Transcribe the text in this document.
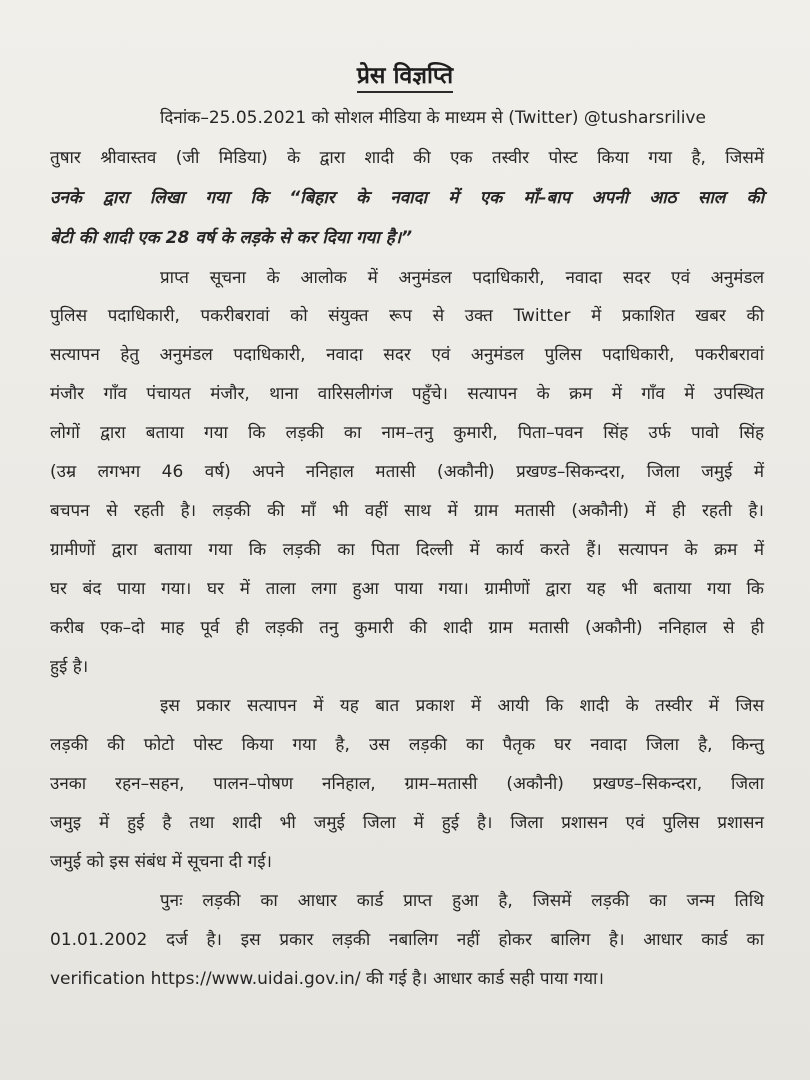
प्रेस विज्ञप्ति

दिनांक–25.05.2021 को सोशल मीडिया के माध्यम से (Twitter) @tusharsrilive

तुषार श्रीवास्तव (जी मिडिया) के द्वारा शादी की एक तस्वीर पोस्ट किया गया है, जिसमें

उनके द्वारा लिखा गया कि “बिहार के नवादा में एक माँ–बाप अपनी आठ साल की

बेटी की शादी एक 28 वर्ष के लड़के से कर दिया गया है।”

प्राप्त सूचना के आलोक में अनुमंडल पदाधिकारी, नवादा सदर एवं अनुमंडल

पुलिस पदाधिकारी, पकरीबरावां को संयुक्त रूप से उक्त Twitter में प्रकाशित खबर की

सत्यापन हेतु अनुमंडल पदाधिकारी, नवादा सदर एवं अनुमंडल पुलिस पदाधिकारी, पकरीबरावां

मंजौर गाँव पंचायत मंजौर, थाना वारिसलीगंज पहुँचे। सत्यापन के क्रम में गाँव में उपस्थित

लोगों द्वारा बताया गया कि लड़की का नाम–तनु कुमारी, पिता–पवन सिंह उर्फ पावो सिंह

(उम्र लगभग 46 वर्ष) अपने ननिहाल मतासी (अकौनी) प्रखण्ड–सिकन्दरा, जिला जमुई में

बचपन से रहती है। लड़की की माँ भी वहीं साथ में ग्राम मतासी (अकौनी) में ही रहती है।

ग्रामीणों द्वारा बताया गया कि लड़की का पिता दिल्ली में कार्य करते हैं। सत्यापन के क्रम में

घर बंद पाया गया। घर में ताला लगा हुआ पाया गया। ग्रामीणों द्वारा यह भी बताया गया कि

करीब एक–दो माह पूर्व ही लड़की तनु कुमारी की शादी ग्राम मतासी (अकौनी) ननिहाल से ही

हुई है।

इस प्रकार सत्यापन में यह बात प्रकाश में आयी कि शादी के तस्वीर में जिस

लड़की की फोटो पोस्ट किया गया है, उस लड़की का पैतृक घर नवादा जिला है, किन्तु

उनका रहन–सहन, पालन–पोषण ननिहाल, ग्राम–मतासी (अकौनी) प्रखण्ड–सिकन्दरा, जिला

जमुइ में हुई है तथा शादी भी जमुई जिला में हुई है। जिला प्रशासन एवं पुलिस प्रशासन

जमुई को इस संबंध में सूचना दी गई।

पुनः लड़की का आधार कार्ड प्राप्त हुआ है, जिसमें लड़की का जन्म तिथि

01.01.2002 दर्ज है। इस प्रकार लड़की नबालिग नहीं होकर बालिग है। आधार कार्ड का

verification https://www.uidai.gov.in/ की गई है। आधार कार्ड सही पाया गया।
